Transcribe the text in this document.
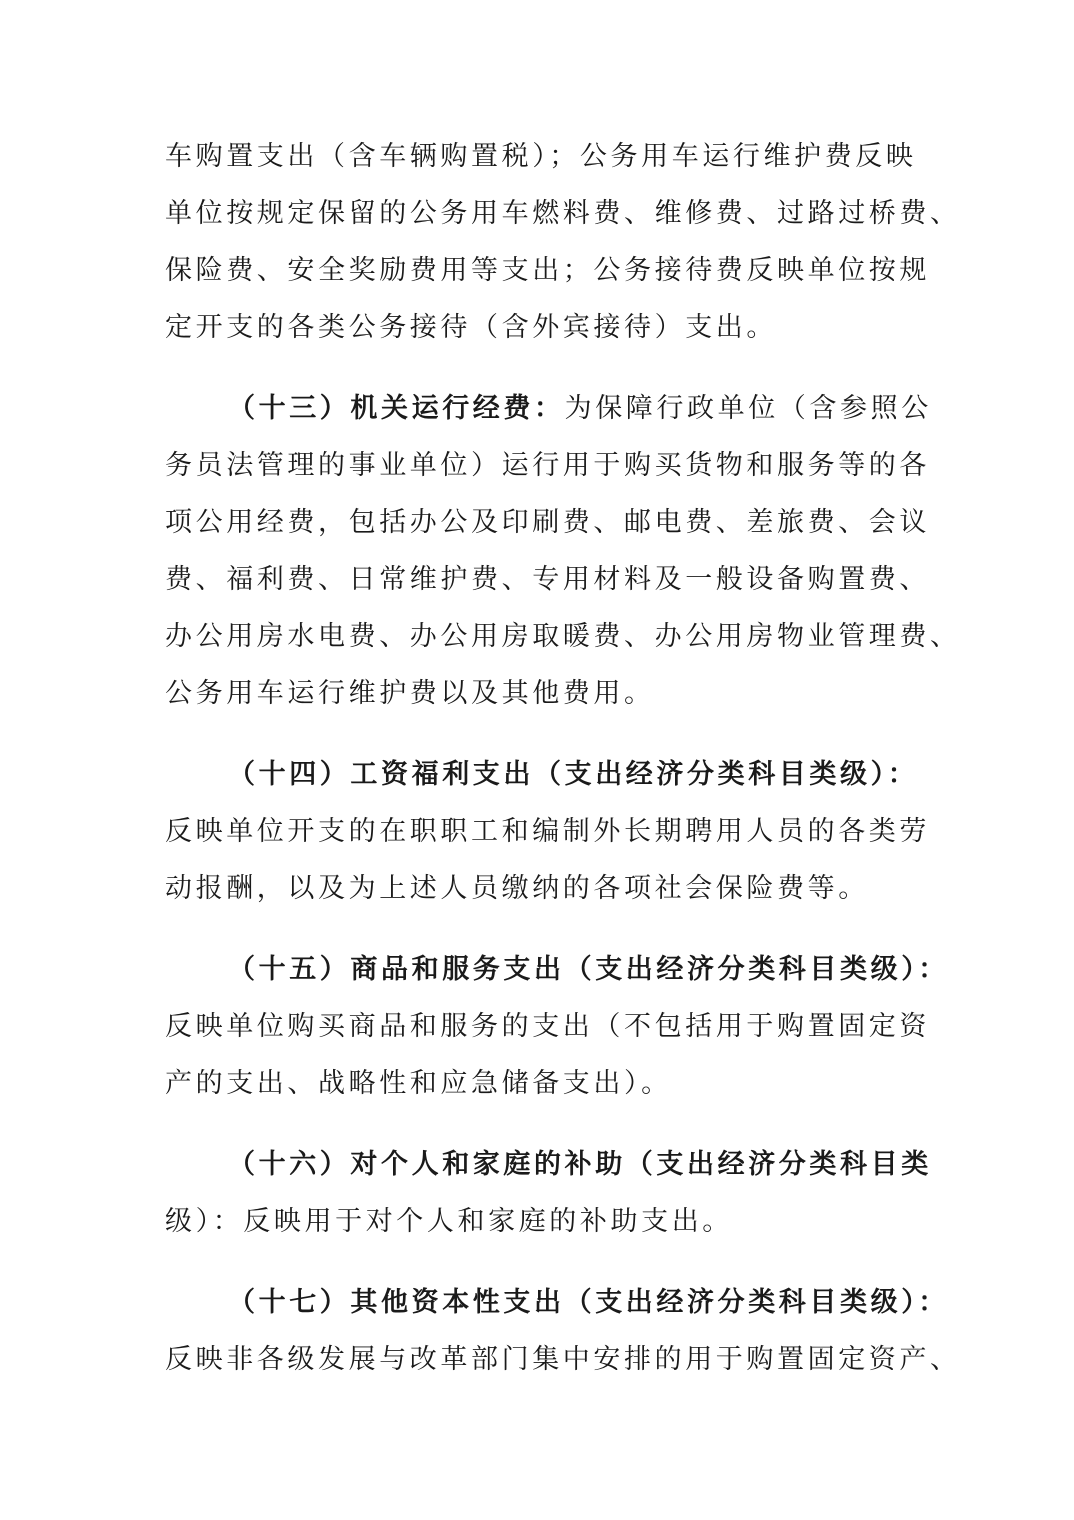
车购置支出（含车辆购置税）；公务用车运行维护费反映
单位按规定保留的公务用车燃料费、维修费、过路过桥费、
保险费、安全奖励费用等支出；公务接待费反映单位按规
定开支的各类公务接待（含外宾接待）支出。
（十三）机关运行经费：为保障行政单位（含参照公
务员法管理的事业单位）运行用于购买货物和服务等的各
项公用经费，包括办公及印刷费、邮电费、差旅费、会议
费、福利费、日常维护费、专用材料及一般设备购置费、
办公用房水电费、办公用房取暖费、办公用房物业管理费、
公务用车运行维护费以及其他费用。
（十四）工资福利支出（支出经济分类科目类级）：
反映单位开支的在职职工和编制外长期聘用人员的各类劳
动报酬，以及为上述人员缴纳的各项社会保险费等。
（十五）商品和服务支出（支出经济分类科目类级）：
反映单位购买商品和服务的支出（不包括用于购置固定资
产的支出、战略性和应急储备支出）。
（十六）对个人和家庭的补助（支出经济分类科目类
级）：反映用于对个人和家庭的补助支出。
（十七）其他资本性支出（支出经济分类科目类级）：
反映非各级发展与改革部门集中安排的用于购置固定资产、
